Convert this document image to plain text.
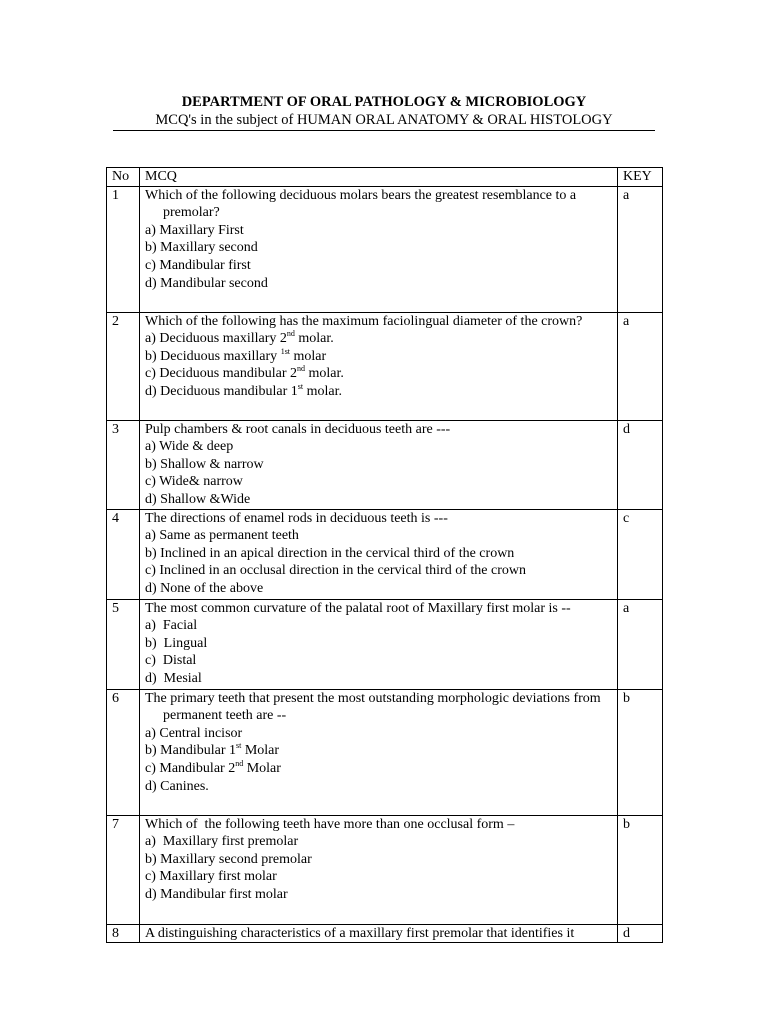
DEPARTMENT OF ORAL PATHOLOGY & MICROBIOLOGY
MCQ's in the subject of HUMAN ORAL ANATOMY & ORAL HISTOLOGY
No	MCQ	KEY
1	Which of the following deciduous molars bears the greatest resemblance to a premolar?
a) Maxillary First
b) Maxillary second
c) Mandibular first
d) Mandibular second	a
2	Which of the following has the maximum faciolingual diameter of the crown?
a) Deciduous maxillary 2nd molar.
b) Deciduous maxillary $^{1st}$ molar
c) Deciduous mandibular 2nd molar.
d) Deciduous mandibular 1st molar.	a
3	Pulp chambers & root canals in deciduous teeth are ---
a) Wide & deep
b) Shallow & narrow
c) Wide& narrow
d) Shallow &Wide	d
4	The directions of enamel rods in deciduous teeth is ---
a) Same as permanent teeth
b) Inclined in an apical direction in the cervical third of the crown
c) Inclined in an occlusal direction in the cervical third of the crown
d) None of the above	c
5	The most common curvature of the palatal root of Maxillary first molar is --
a)  Facial
b)  Lingual
c)  Distal
d)  Mesial	a
6	The primary teeth that present the most outstanding morphologic deviations from permanent teeth are --
a) Central incisor
b) Mandibular 1st Molar
c) Mandibular 2nd Molar
d) Canines.	b
7	Which of  the following teeth have more than one occlusal form –
a)  Maxillary first premolar
b) Maxillary second premolar
c) Maxillary first molar
d) Mandibular first molar	b
8	A distinguishing characteristics of a maxillary first premolar that identifies it	d
